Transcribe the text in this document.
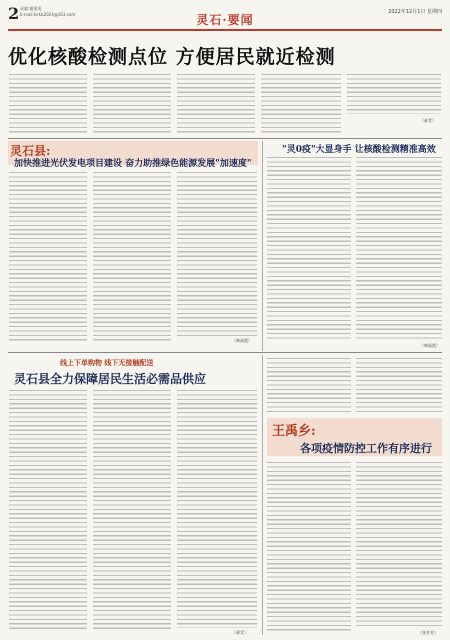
2 责编:谢建英
E-mail:lsrkb2024@163.com	灵石·要闻
2022年12月1日 星期四
优化核酸检测点位 方便居民就近检测
（郝青）
灵石县:
加快推进光伏发电项目建设 奋力助推绿色能源发展"加速度"
（韩丽霞）
"灵0疫"大显身手 让核酸检测精准高效
（韩丽霞）
线上下单购物 线下无接触配送
灵石县全力保障居民生活必需品供应
（郝青）
王禹乡:
各项疫情防控工作有序进行
（张芳芳）
